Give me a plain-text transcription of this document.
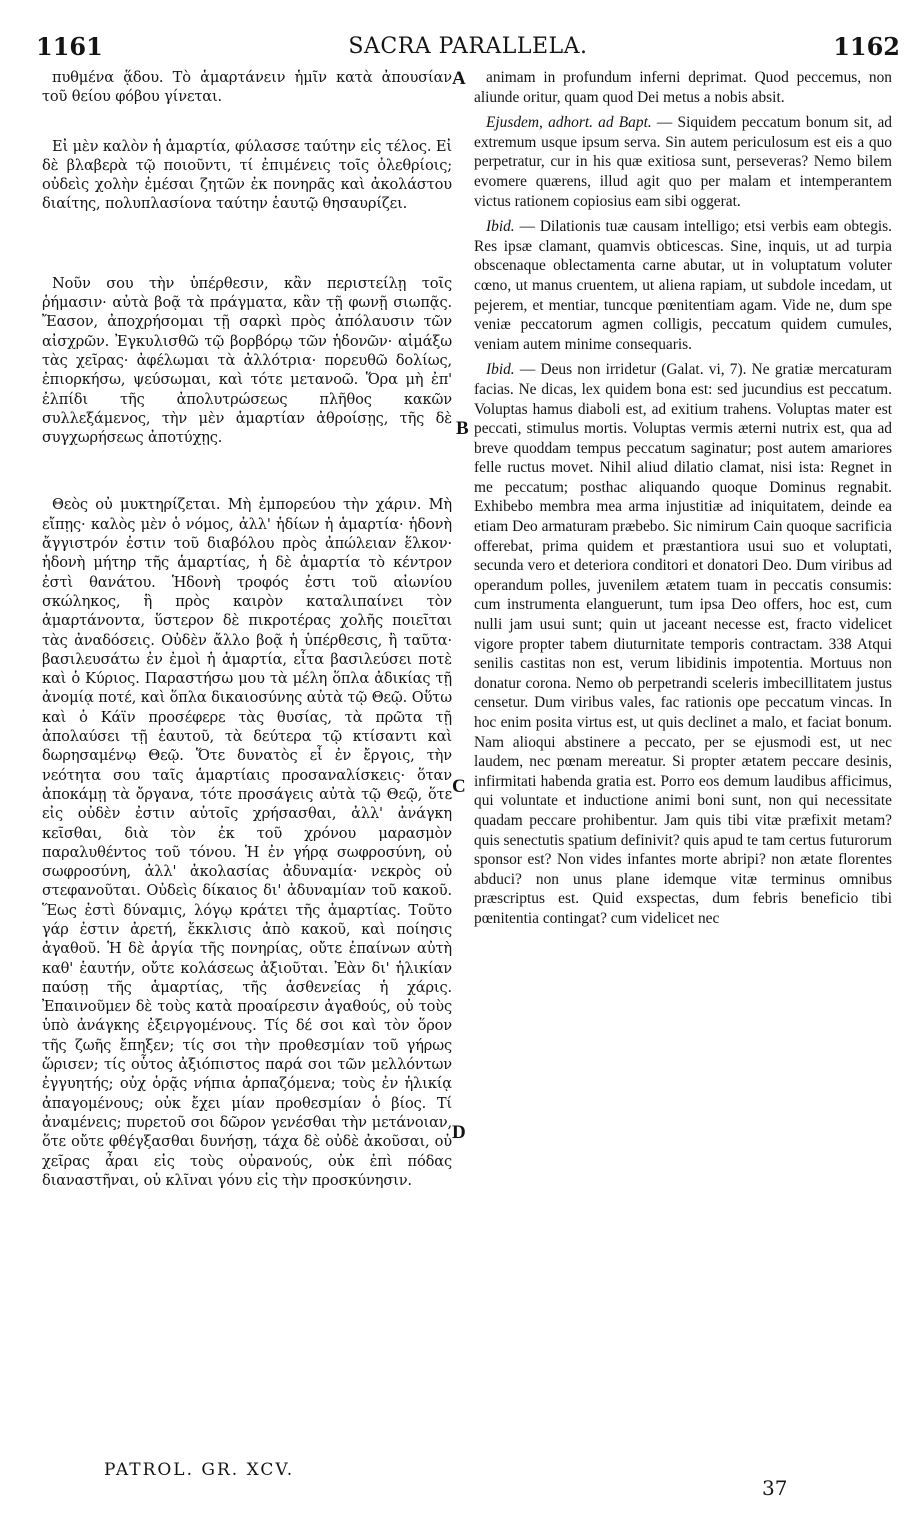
1161	SACRA PARALLELA.	1162

πυθμένα ᾅδου. Τὸ ἁμαρτάνειν ἡμῖν κατὰ ἀπουσίαν τοῦ θείου φόβου γίνεται.

Εἰ μὲν καλὸν ἡ ἁμαρτία, φύλασσε ταύτην εἰς τέλος. Εἰ δὲ βλαβερὰ τῷ ποιοῦντι, τί ἐπιμένεις τοῖς ὀλεθρίοις; οὐδεὶς χολὴν ἐμέσαι ζητῶν ἐκ πονηρᾶς καὶ ἀκολάστου διαίτης, πολυπλασίονα ταύτην ἑαυτῷ θησαυρίζει.

Νοῦν σου τὴν ὑπέρθεσιν, κἂν περιστείλῃ τοῖς ῥήμασιν· αὐτὰ βοᾷ τὰ πράγματα, κἂν τῇ φωνῇ σιωπᾷς. Ἔασον, ἀποχρήσομαι τῇ σαρκὶ πρὸς ἀπόλαυσιν τῶν αἰσχρῶν. Ἐγκυλισθῶ τῷ βορβόρῳ τῶν ἡδονῶν· αἱμάξω τὰς χεῖρας· ἀφέλωμαι τὰ ἀλλότρια· πορευθῶ δολίως, ἐπιορκήσω, ψεύσωμαι, καὶ τότε μετανοῶ. Ὅρα μὴ ἐπ' ἐλπίδι τῆς ἀπολυτρώσεως πλῆθος κακῶν συλλεξάμενος, τὴν μὲν ἁμαρτίαν ἀθροίσῃς, τῆς δὲ συγχωρήσεως ἀποτύχῃς.

Θεὸς οὐ μυκτηρίζεται. Μὴ ἐμπορεύου τὴν χάριν. Μὴ εἴπῃς· καλὸς μὲν ὁ νόμος, ἀλλ' ἡδίων ἡ ἁμαρτία· ἡδονὴ ἄγγιστρόν ἐστιν τοῦ διαβόλου πρὸς ἀπώλειαν ἕλκον· ἡδονὴ μήτηρ τῆς ἁμαρτίας, ἡ δὲ ἁμαρτία τὸ κέντρον ἐστὶ θανάτου. Ἡδονὴ τροφός ἐστι τοῦ αἰωνίου σκώληκος, ἣ πρὸς καιρὸν καταλιπαίνει τὸν ἁμαρτάνοντα, ὕστερον δὲ πικροτέρας χολῆς ποιεῖται τὰς ἀναδόσεις. Οὐδὲν ἄλλο βοᾷ ἡ ὑπέρθεσις, ἢ ταῦτα· βασιλευσάτω ἐν ἐμοὶ ἡ ἁμαρτία, εἶτα βασιλεύσει ποτὲ καὶ ὁ Κύριος. Παραστήσω μου τὰ μέλη ὅπλα ἀδικίας τῇ ἀνομίᾳ ποτέ, καὶ ὅπλα δικαιοσύνης αὐτὰ τῷ Θεῷ. Οὕτω καὶ ὁ Κάϊν προσέφερε τὰς θυσίας, τὰ πρῶτα τῇ ἀπολαύσει τῇ ἑαυτοῦ, τὰ δεύτερα τῷ κτίσαντι καὶ δωρησαμένῳ Θεῷ. Ὅτε δυνατὸς εἶ ἐν ἔργοις, τὴν νεότητα σου ταῖς ἁμαρτίαις προσαναλίσκεις· ὅταν ἀποκάμῃ τὰ ὄργανα, τότε προσάγεις αὐτὰ τῷ Θεῷ, ὅτε εἰς οὐδὲν ἐστιν αὐτοῖς χρήσασθαι, ἀλλ' ἀνάγκη κεῖσθαι, διὰ τὸν ἐκ τοῦ χρόνου μαρασμὸν παραλυθέντος τοῦ τόνου. Ἡ ἐν γήρᾳ σωφροσύνη, οὐ σωφροσύνη, ἀλλ' ἀκολασίας ἀδυναμία· νεκρὸς οὐ στεφανοῦται. Οὐδεὶς δίκαιος δι' ἀδυναμίαν τοῦ κακοῦ. Ἕως ἐστὶ δύναμις, λόγῳ κράτει τῆς ἁμαρτίας. Τοῦτο γάρ ἐστιν ἀρετή, ἔκκλισις ἀπὸ κακοῦ, καὶ ποίησις ἀγαθοῦ. Ἡ δὲ ἀργία τῆς πονηρίας, οὔτε ἐπαίνων αὐτὴ καθ' ἑαυτήν, οὔτε κολάσεως ἀξιοῦται. Ἐὰν δι' ἡλικίαν παύσῃ τῆς ἁμαρτίας, τῆς ἀσθενείας ἡ χάρις. Ἐπαινοῦμεν δὲ τοὺς κατὰ προαίρεσιν ἀγαθούς, οὐ τοὺς ὑπὸ ἀνάγκης ἐξειργομένους. Τίς δέ σοι καὶ τὸν ὅρον τῆς ζωῆς ἔπηξεν; τίς σοι τὴν προθεσμίαν τοῦ γήρως ὥρισεν; τίς οὗτος ἀξιόπιστος παρά σοι τῶν μελλόντων ἐγγυητής; οὐχ ὁρᾷς νήπια ἁρπαζόμενα; τοὺς ἐν ἡλικίᾳ ἀπαγομένους; οὐκ ἔχει μίαν προθεσμίαν ὁ βίος. Τί ἀναμένεις; πυρετοῦ σοι δῶρον γενέσθαι τὴν μετάνοιαν, ὅτε οὔτε φθέγξασθαι δυνήσῃ, τάχα δὲ οὐδὲ ἀκοῦσαι, οὐ χεῖρας ἆραι εἰς τοὺς οὐρανούς, οὐκ ἐπὶ πόδας διαναστῆναι, οὐ κλῖναι γόνυ εἰς τὴν προσκύνησιν.

A
B
C
D

animam in profundum inferni deprimat. Quod peccemus, non aliunde oritur, quam quod Dei metus a nobis absit.

Ejusdem, adhort. ad Bapt. — Siquidem peccatum bonum sit, ad extremum usque ipsum serva. Sin autem periculosum est eis a quo perpetratur, cur in his quæ exitiosa sunt, perseveras? Nemo bilem evomere quærens, illud agit quo per malam et intemperantem victus rationem copiosius eam sibi oggerat.

Ibid. — Dilationis tuæ causam intelligo; etsi verbis eam obtegis. Res ipsæ clamant, quamvis obticescas. Sine, inquis, ut ad turpia obscenaque oblectamenta carne abutar, ut in voluptatum voluter cœno, ut manus cruentem, ut aliena rapiam, ut subdole incedam, ut pejerem, et mentiar, tuncque pœnitentiam agam. Vide ne, dum spe veniæ peccatorum agmen colligis, peccatum quidem cumules, veniam autem minime consequaris.

Ibid. — Deus non irridetur (Galat. vi, 7). Ne gratiæ mercaturam facias. Ne dicas, lex quidem bona est: sed jucundius est peccatum. Voluptas hamus diaboli est, ad exitium trahens. Voluptas mater est peccati, stimulus mortis. Voluptas vermis æterni nutrix est, qua ad breve quoddam tempus peccatum saginatur; post autem amariores felle ructus movet. Nihil aliud dilatio clamat, nisi ista: Regnet in me peccatum; posthac aliquando quoque Dominus regnabit. Exhibebo membra mea arma injustitiæ ad iniquitatem, deinde ea etiam Deo armaturam præbebo. Sic nimirum Cain quoque sacrificia offerebat, prima quidem et præstantiora usui suo et voluptati, secunda vero et deteriora conditori et donatori Deo. Dum viribus ad operandum polles, juvenilem ætatem tuam in peccatis consumis: cum instrumenta elanguerunt, tum ipsa Deo offers, hoc est, cum nulli jam usui sunt; quin ut jaceant necesse est, fracto videlicet vigore propter tabem diuturnitate temporis contractam. 338 Atqui senilis castitas non est, verum libidinis impotentia. Mortuus non donatur corona. Nemo ob perpetrandi sceleris imbecillitatem justus censetur. Dum viribus vales, fac rationis ope peccatum vincas. In hoc enim posita virtus est, ut quis declinet a malo, et faciat bonum. Nam alioqui abstinere a peccato, per se ejusmodi est, ut nec laudem, nec pœnam mereatur. Si propter ætatem peccare desinis, infirmitati habenda gratia est. Porro eos demum laudibus afficimus, qui voluntate et inductione animi boni sunt, non qui necessitate quadam peccare prohibentur. Jam quis tibi vitæ præfixit metam? quis senectutis spatium definivit? quis apud te tam certus futurorum sponsor est? Non vides infantes morte abripi? non ætate florentes abduci? non unus plane idemque vitæ terminus omnibus præscriptus est. Quid exspectas, dum febris beneficio tibi pœnitentia contingat? cum videlicet nec

PATROL. GR. XCV.
37
